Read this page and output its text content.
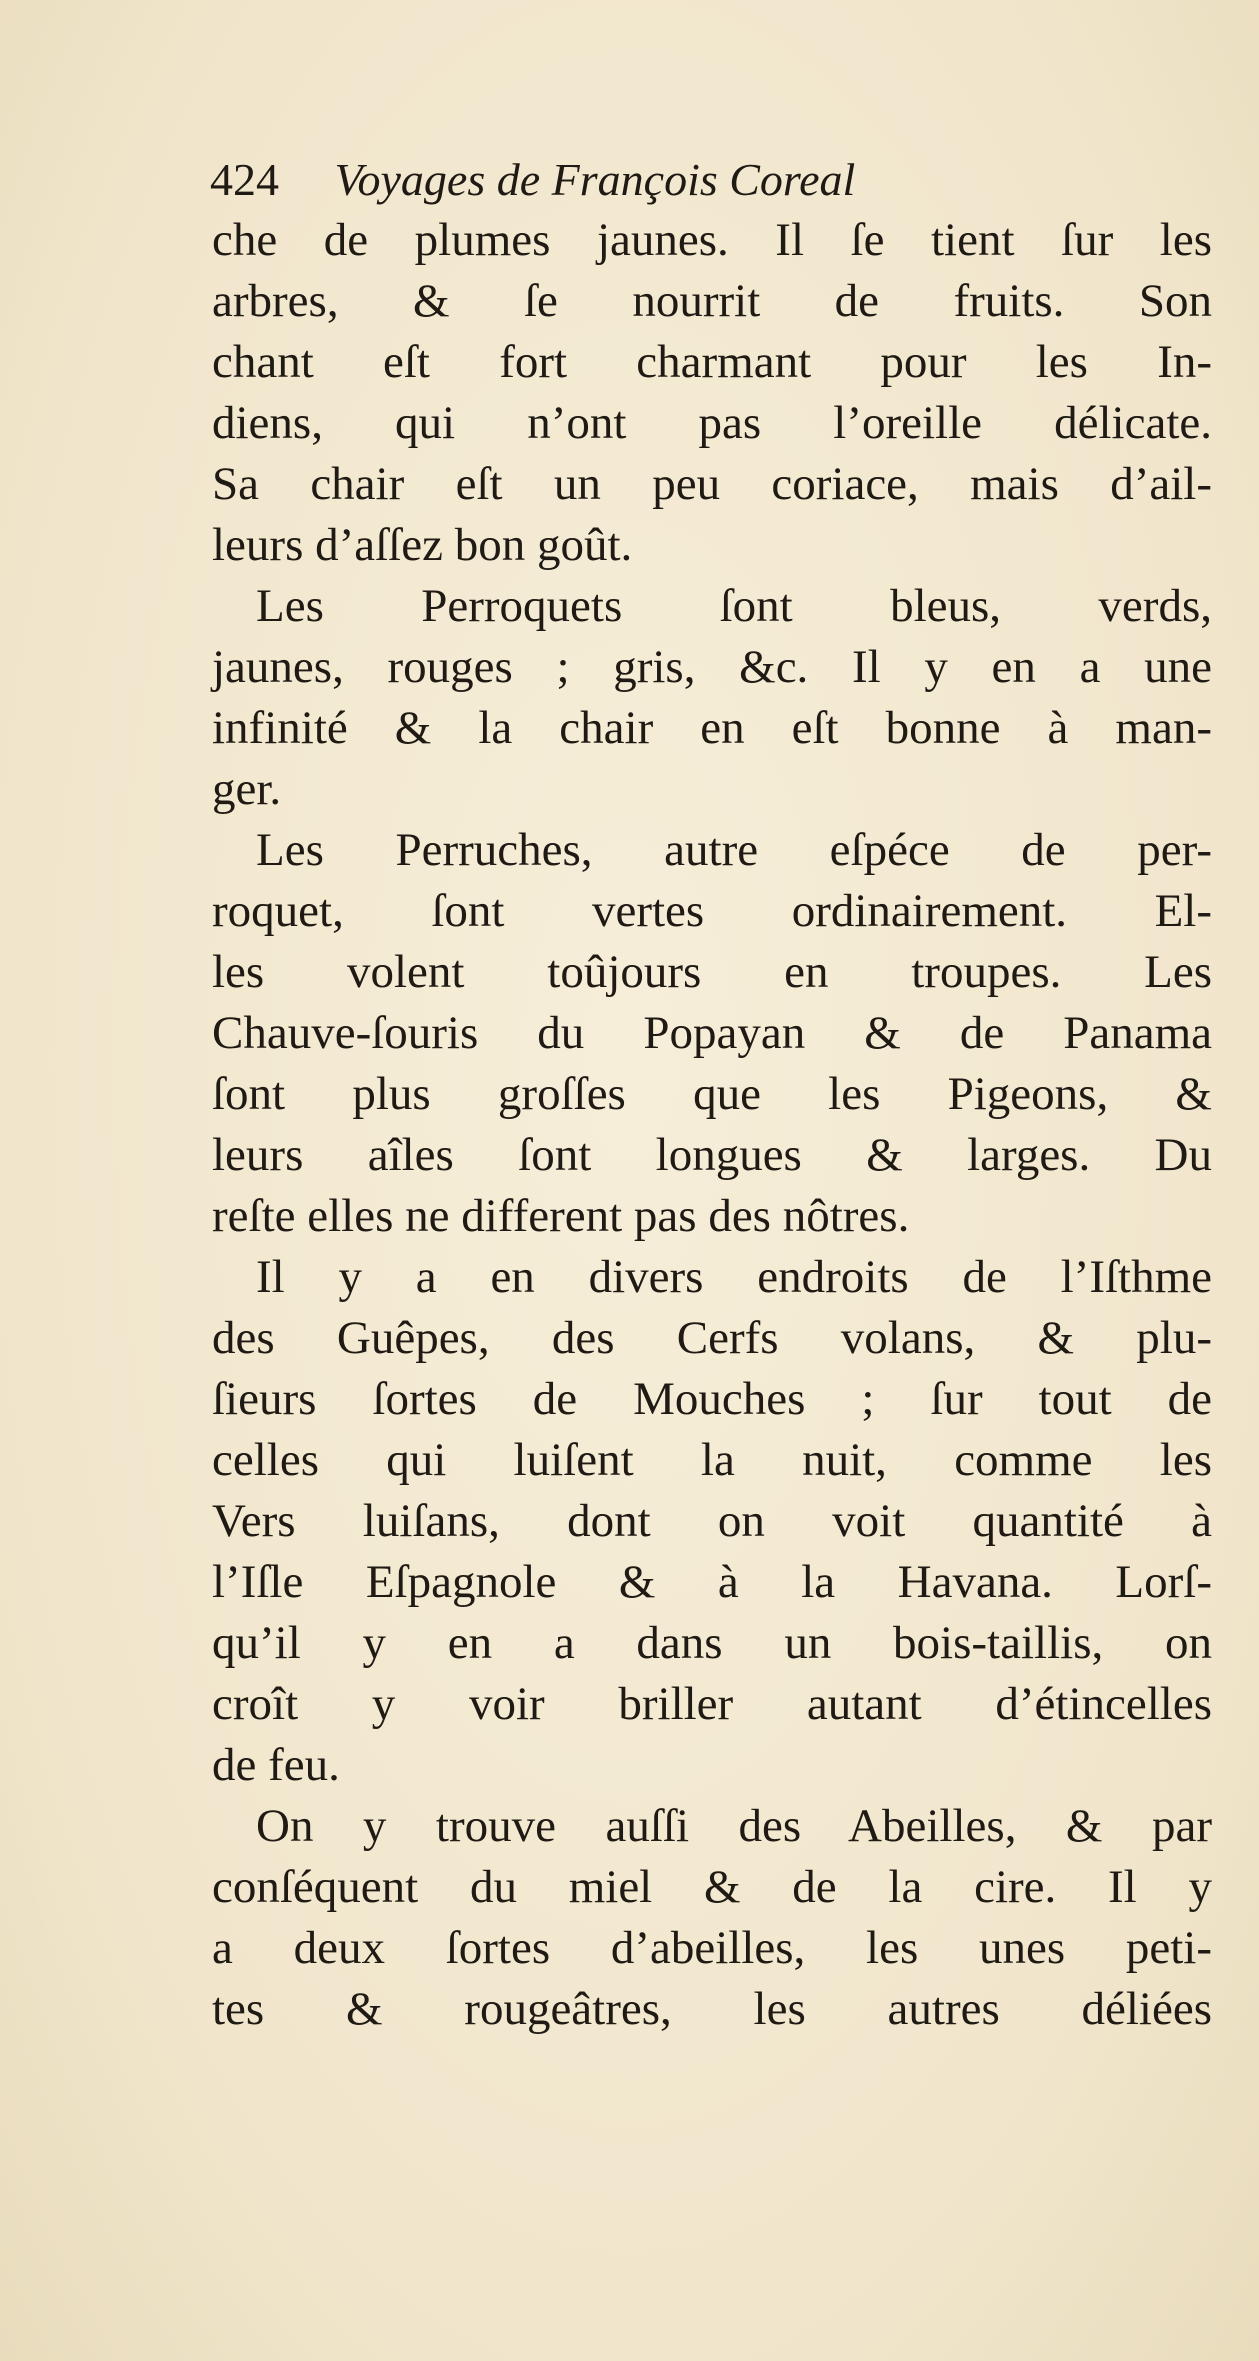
424 Voyages de François Coreal
che de plumes jaunes. Il ſe tient ſur les
arbres, & ſe nourrit de fruits. Son
chant eſt fort charmant pour les In-
diens, qui n’ont pas l’oreille délicate.
Sa chair eſt un peu coriace, mais d’ail-
leurs d’aſſez bon goût.
Les Perroquets ſont bleus, verds,
jaunes, rouges ; gris, &c. Il y en a une
infinité & la chair en eſt bonne à man-
ger.
Les Perruches, autre eſpéce de per-
roquet, ſont vertes ordinairement. El-
les volent toûjours en troupes. Les
Chauve-ſouris du Popayan & de Panama
ſont plus groſſes que les Pigeons, &
leurs aîles ſont longues & larges. Du
reſte elles ne different pas des nôtres.
Il y a en divers endroits de l’Iſthme
des Guêpes, des Cerfs volans, & plu-
ſieurs ſortes de Mouches ; ſur tout de
celles qui luiſent la nuit, comme les
Vers luiſans, dont on voit quantité à
l’Iſle Eſpagnole & à la Havana. Lorſ-
qu’il y en a dans un bois-taillis, on
croît y voir briller autant d’étincelles
de feu.
On y trouve auſſi des Abeilles, & par
conſéquent du miel & de la cire. Il y
a deux ſortes d’abeilles, les unes peti-
tes & rougeâtres, les autres déliées
